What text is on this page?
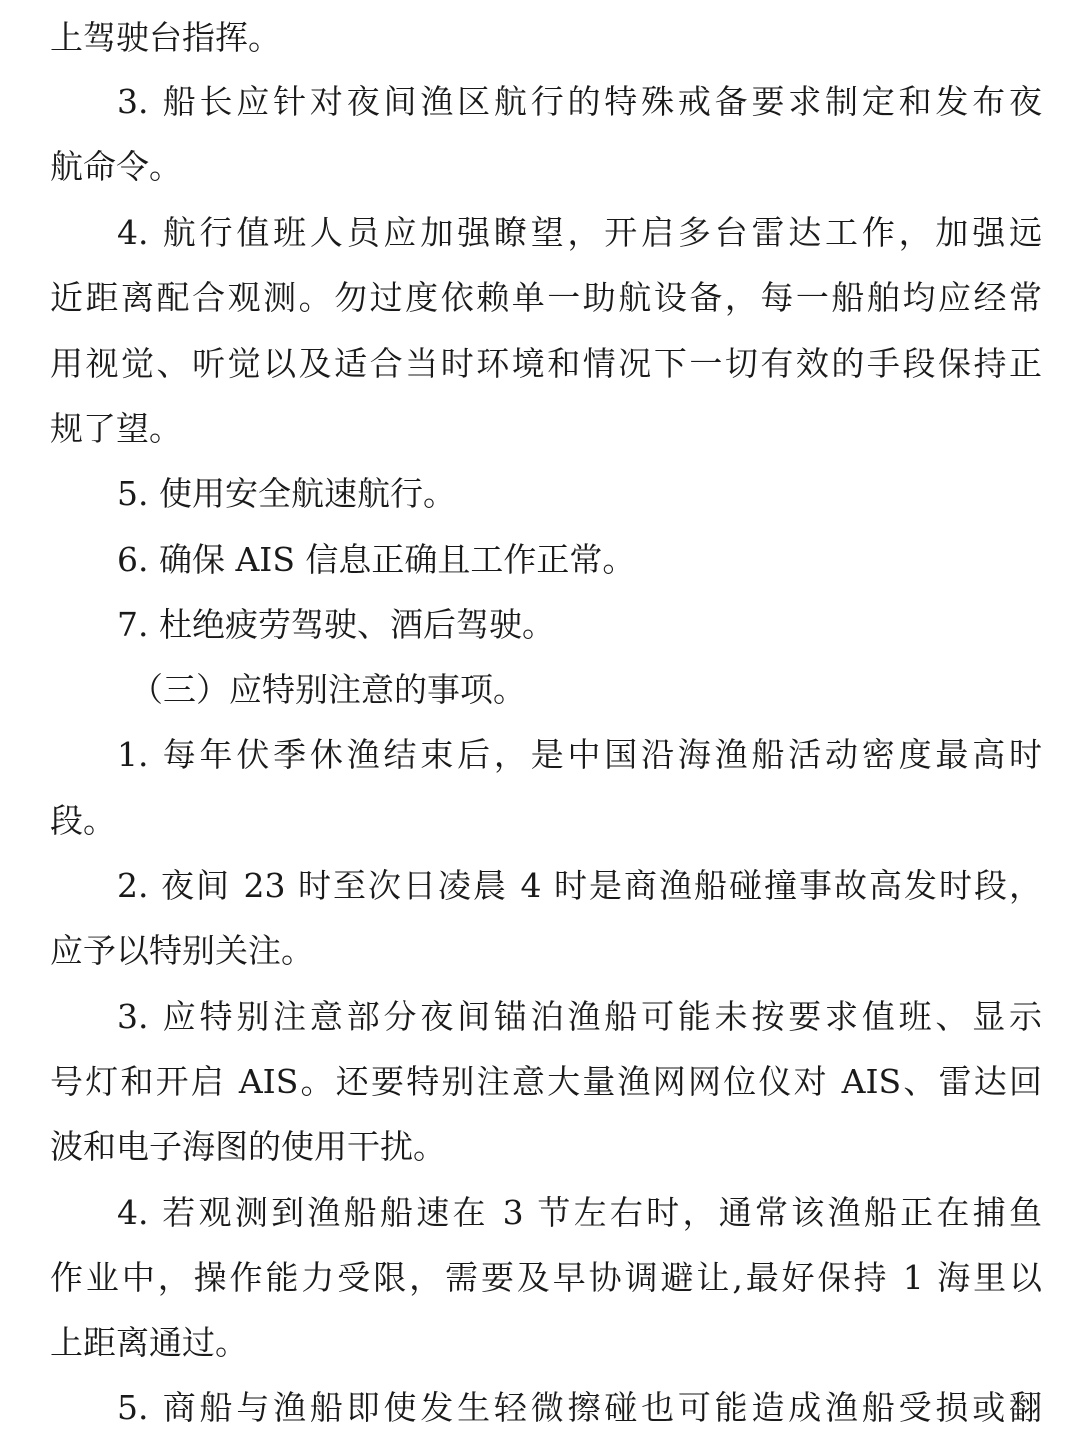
上驾驶台指挥。
3. 船长应针对夜间渔区航行的特殊戒备要求制定和发布夜
航命令。
4. 航行值班人员应加强瞭望，开启多台雷达工作，加强远
近距离配合观测。勿过度依赖单一助航设备，每一船舶均应经常
用视觉、听觉以及适合当时环境和情况下一切有效的手段保持正
规了望。
5. 使用安全航速航行。
6. 确保 AIS 信息正确且工作正常。
7. 杜绝疲劳驾驶、酒后驾驶。
（三）应特别注意的事项。
1. 每年伏季休渔结束后，是中国沿海渔船活动密度最高时
段。
2. 夜间 23 时至次日凌晨 4 时是商渔船碰撞事故高发时段，
应予以特别关注。
3. 应特别注意部分夜间锚泊渔船可能未按要求值班、显示
号灯和开启 AIS。还要特别注意大量渔网网位仪对 AIS、雷达回
波和电子海图的使用干扰。
4. 若观测到渔船船速在 3 节左右时，通常该渔船正在捕鱼
作业中，操作能力受限，需要及早协调避让,最好保持 1 海里以
上距离通过。
5. 商船与渔船即使发生轻微擦碰也可能造成渔船受损或翻
